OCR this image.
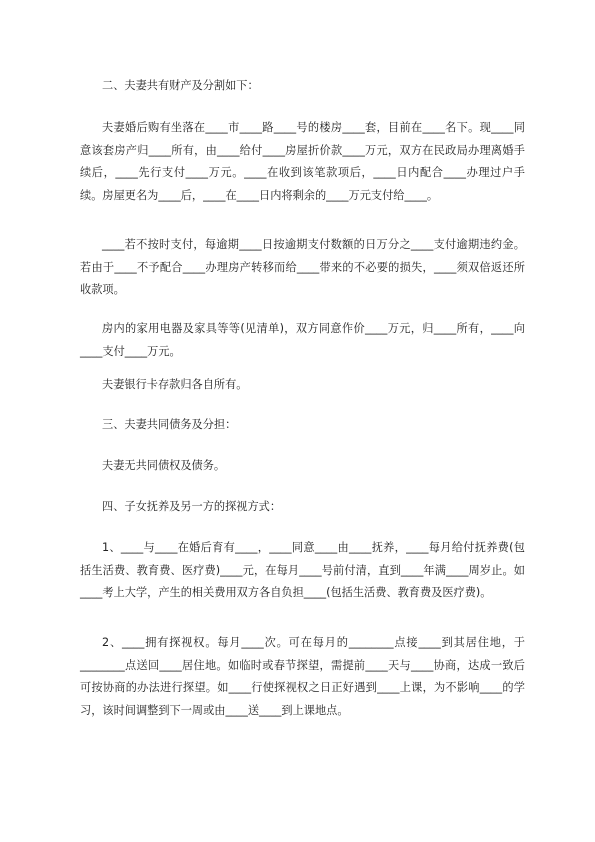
二、夫妻共有财产及分割如下：

夫妻婚后购有坐落在____市____路____号的楼房____套，目前在____名下。现____同意该套房产归____所有，由____给付____房屋折价款____万元，双方在民政局办理离婚手续后，____先行支付____万元。____在收到该笔款项后，____日内配合____办理过户手续。房屋更名为____后，____在____日内将剩余的____万元支付给____。

____若不按时支付，每逾期____日按逾期支付数额的日万分之____支付逾期违约金。若由于____不予配合____办理房产转移而给____带来的不必要的损失，____须双倍返还所收款项。

房内的家用电器及家具等等(见清单)，双方同意作价____万元，归____所有，____向____支付____万元。

夫妻银行卡存款归各自所有。

三、夫妻共同债务及分担：

夫妻无共同债权及债务。

四、子女抚养及另一方的探视方式：

1、____与____在婚后育有____，____同意____由____抚养，____每月给付抚养费(包括生活费、教育费、医疗费)____元，在每月____号前付清，直到____年满____周岁止。如____考上大学，产生的相关费用双方各自负担____(包括生活费、教育费及医疗费)。

2、____拥有探视权。每月____次。可在每月的________点接____到其居住地，于________点送回____居住地。如临时或春节探望，需提前____天与____协商，达成一致后可按协商的办法进行探望。如____行使探视权之日正好遇到____上课，为不影响____的学习，该时间调整到下一周或由____送____到上课地点。
